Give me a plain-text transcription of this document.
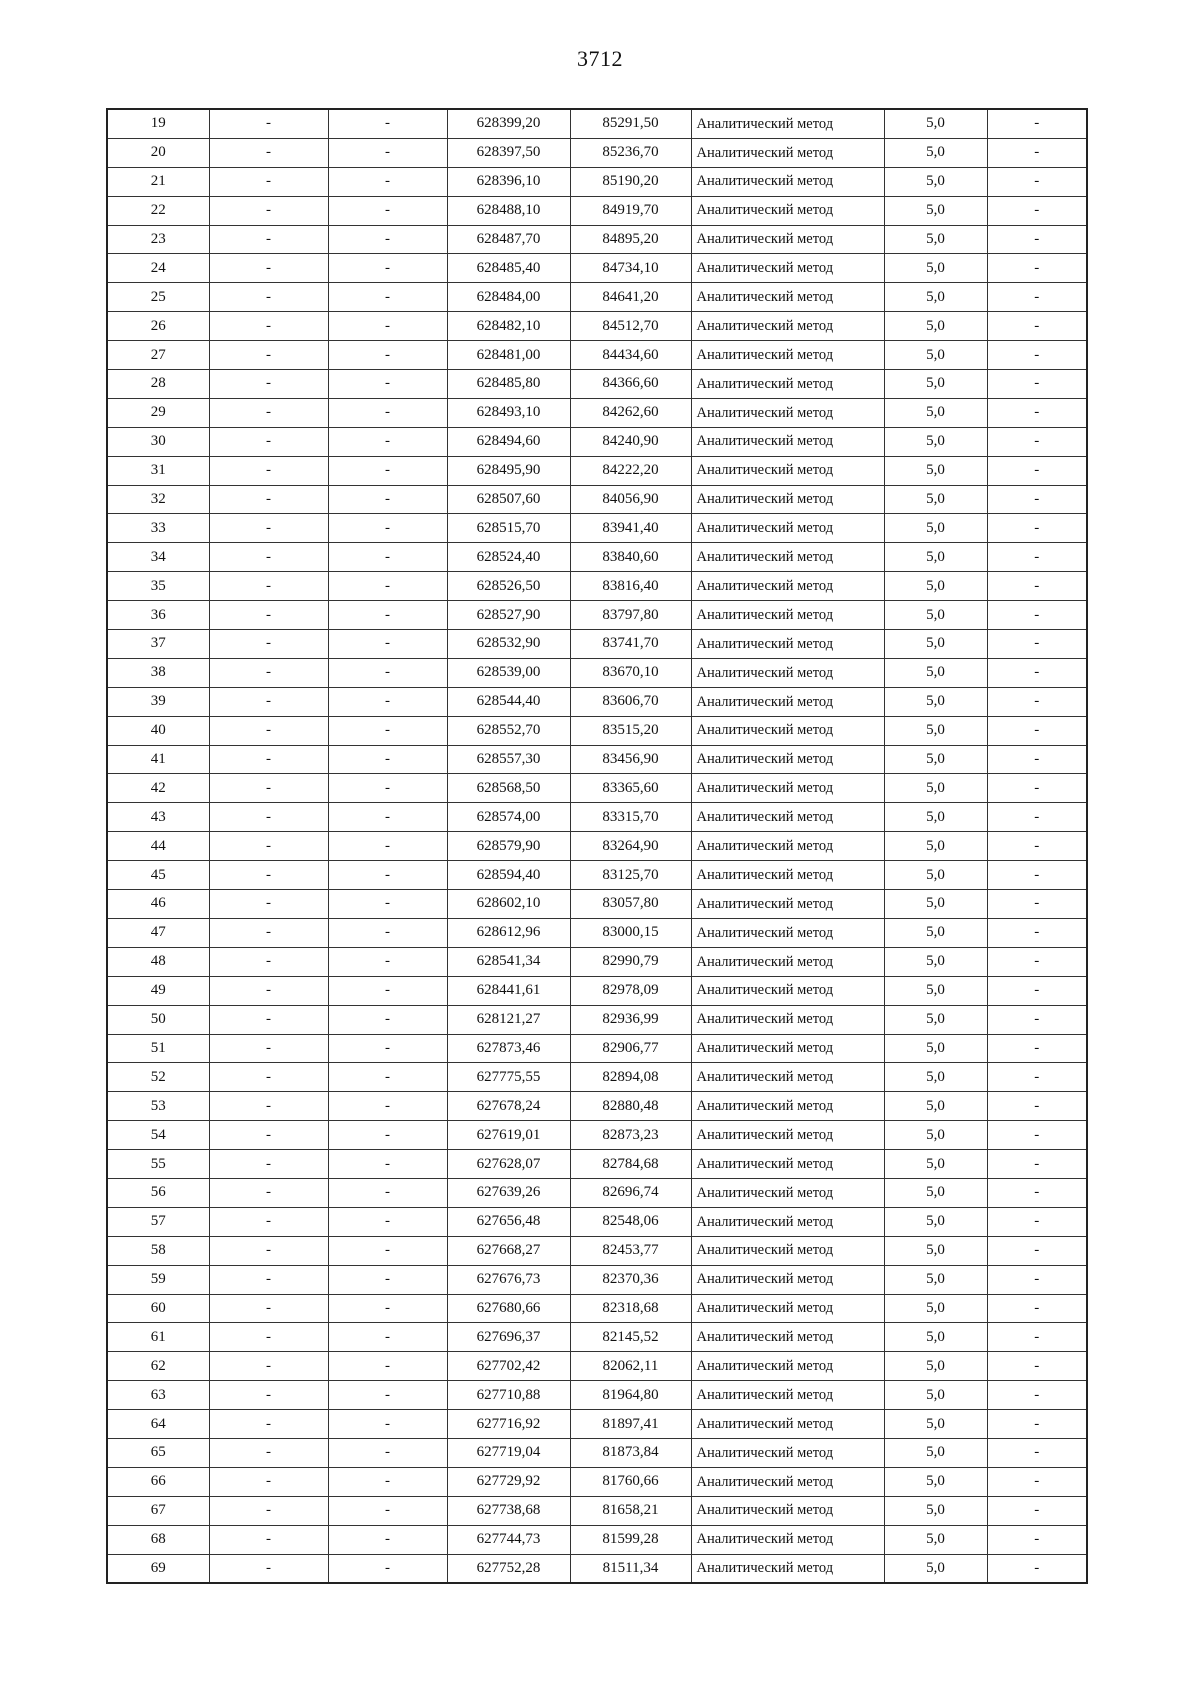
3712
19	-	-	628399,20	85291,50	Аналитический метод	5,0	-
20	-	-	628397,50	85236,70	Аналитический метод	5,0	-
21	-	-	628396,10	85190,20	Аналитический метод	5,0	-
22	-	-	628488,10	84919,70	Аналитический метод	5,0	-
23	-	-	628487,70	84895,20	Аналитический метод	5,0	-
24	-	-	628485,40	84734,10	Аналитический метод	5,0	-
25	-	-	628484,00	84641,20	Аналитический метод	5,0	-
26	-	-	628482,10	84512,70	Аналитический метод	5,0	-
27	-	-	628481,00	84434,60	Аналитический метод	5,0	-
28	-	-	628485,80	84366,60	Аналитический метод	5,0	-
29	-	-	628493,10	84262,60	Аналитический метод	5,0	-
30	-	-	628494,60	84240,90	Аналитический метод	5,0	-
31	-	-	628495,90	84222,20	Аналитический метод	5,0	-
32	-	-	628507,60	84056,90	Аналитический метод	5,0	-
33	-	-	628515,70	83941,40	Аналитический метод	5,0	-
34	-	-	628524,40	83840,60	Аналитический метод	5,0	-
35	-	-	628526,50	83816,40	Аналитический метод	5,0	-
36	-	-	628527,90	83797,80	Аналитический метод	5,0	-
37	-	-	628532,90	83741,70	Аналитический метод	5,0	-
38	-	-	628539,00	83670,10	Аналитический метод	5,0	-
39	-	-	628544,40	83606,70	Аналитический метод	5,0	-
40	-	-	628552,70	83515,20	Аналитический метод	5,0	-
41	-	-	628557,30	83456,90	Аналитический метод	5,0	-
42	-	-	628568,50	83365,60	Аналитический метод	5,0	-
43	-	-	628574,00	83315,70	Аналитический метод	5,0	-
44	-	-	628579,90	83264,90	Аналитический метод	5,0	-
45	-	-	628594,40	83125,70	Аналитический метод	5,0	-
46	-	-	628602,10	83057,80	Аналитический метод	5,0	-
47	-	-	628612,96	83000,15	Аналитический метод	5,0	-
48	-	-	628541,34	82990,79	Аналитический метод	5,0	-
49	-	-	628441,61	82978,09	Аналитический метод	5,0	-
50	-	-	628121,27	82936,99	Аналитический метод	5,0	-
51	-	-	627873,46	82906,77	Аналитический метод	5,0	-
52	-	-	627775,55	82894,08	Аналитический метод	5,0	-
53	-	-	627678,24	82880,48	Аналитический метод	5,0	-
54	-	-	627619,01	82873,23	Аналитический метод	5,0	-
55	-	-	627628,07	82784,68	Аналитический метод	5,0	-
56	-	-	627639,26	82696,74	Аналитический метод	5,0	-
57	-	-	627656,48	82548,06	Аналитический метод	5,0	-
58	-	-	627668,27	82453,77	Аналитический метод	5,0	-
59	-	-	627676,73	82370,36	Аналитический метод	5,0	-
60	-	-	627680,66	82318,68	Аналитический метод	5,0	-
61	-	-	627696,37	82145,52	Аналитический метод	5,0	-
62	-	-	627702,42	82062,11	Аналитический метод	5,0	-
63	-	-	627710,88	81964,80	Аналитический метод	5,0	-
64	-	-	627716,92	81897,41	Аналитический метод	5,0	-
65	-	-	627719,04	81873,84	Аналитический метод	5,0	-
66	-	-	627729,92	81760,66	Аналитический метод	5,0	-
67	-	-	627738,68	81658,21	Аналитический метод	5,0	-
68	-	-	627744,73	81599,28	Аналитический метод	5,0	-
69	-	-	627752,28	81511,34	Аналитический метод	5,0	-
